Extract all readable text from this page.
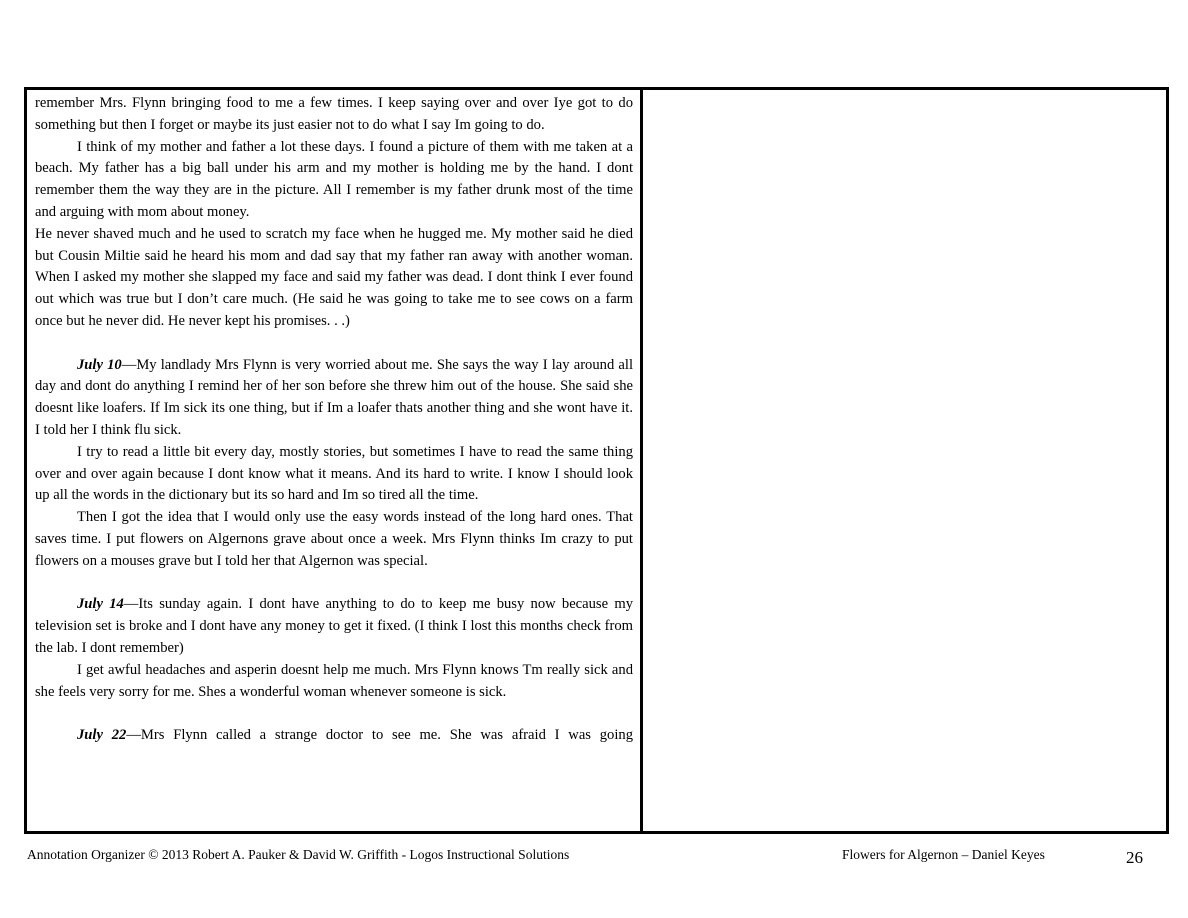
remember Mrs. Flynn bringing food to me a few times. I keep saying over and over Iye got to do something but then I forget or maybe its just easier not to do what I say Im going to do.

I think of my mother and father a lot these days. I found a picture of them with me taken at a beach. My father has a big ball under his arm and my mother is holding me by the hand. I dont remember them the way they are in the picture. All I remember is my father drunk most of the time and arguing with mom about money.

He never shaved much and he used to scratch my face when he hugged me. My mother said he died but Cousin Miltie said he heard his mom and dad say that my father ran away with another woman. When I asked my mother she slapped my face and said my father was dead. I dont think I ever found out which was true but I don’t care much. (He said he was going to take me to see cows on a farm once but he never did. He never kept his promises. . .)

July 10—My landlady Mrs Flynn is very worried about me. She says the way I lay around all day and dont do anything I remind her of her son before she threw him out of the house. She said she doesnt like loafers. If Im sick its one thing, but if Im a loafer thats another thing and she wont have it. I told her I think flu sick.

I try to read a little bit every day, mostly stories, but sometimes I have to read the same thing over and over again because I dont know what it means. And its hard to write. I know I should look up all the words in the dictionary but its so hard and Im so tired all the time.

Then I got the idea that I would only use the easy words instead of the long hard ones. That saves time. I put flowers on Algernons grave about once a week. Mrs Flynn thinks Im crazy to put flowers on a mouses grave but I told her that Algernon was special.

July 14—Its sunday again. I dont have anything to do to keep me busy now because my television set is broke and I dont have any money to get it fixed. (I think I lost this months check from the lab. I dont remember)

I get awful headaches and asperin doesnt help me much. Mrs Flynn knows Tm really sick and she feels very sorry for me. Shes a wonderful woman whenever someone is sick.

July 22—Mrs Flynn called a strange doctor to see me. She was afraid I was going

Annotation Organizer © 2013 Robert A. Pauker & David W. Griffith - Logos Instructional Solutions	Flowers for Algernon – Daniel Keyes	26
